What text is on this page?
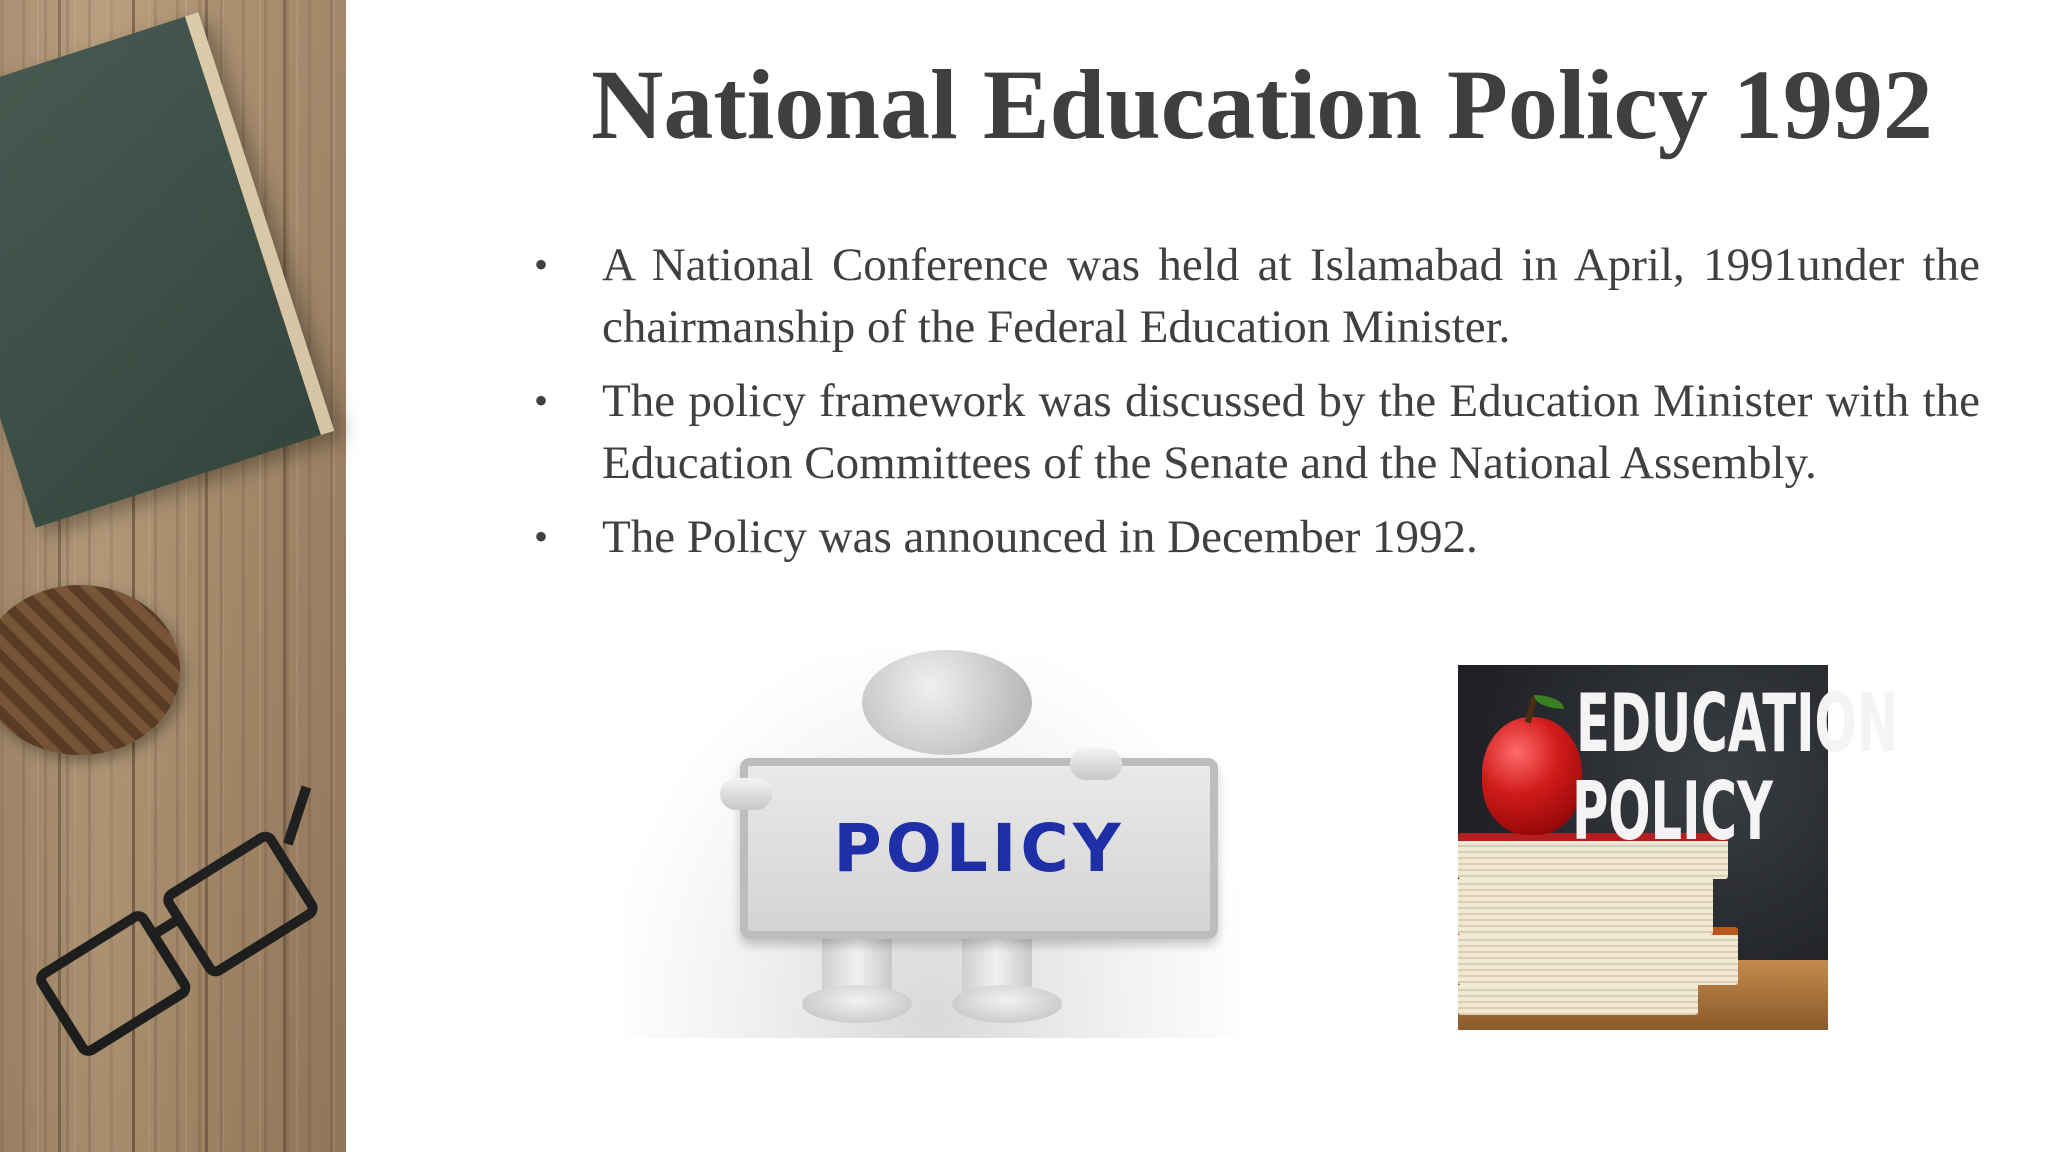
National Education Policy 1992
• A National Conference was held at Islamabad in April, 1991under the chairmanship of the Federal Education Minister.
• The policy framework was discussed by the Education Minister with the Education Committees of the Senate and the National Assembly.
• The Policy was announced in December 1992.
POLICY
EDUCATION
POLICY
